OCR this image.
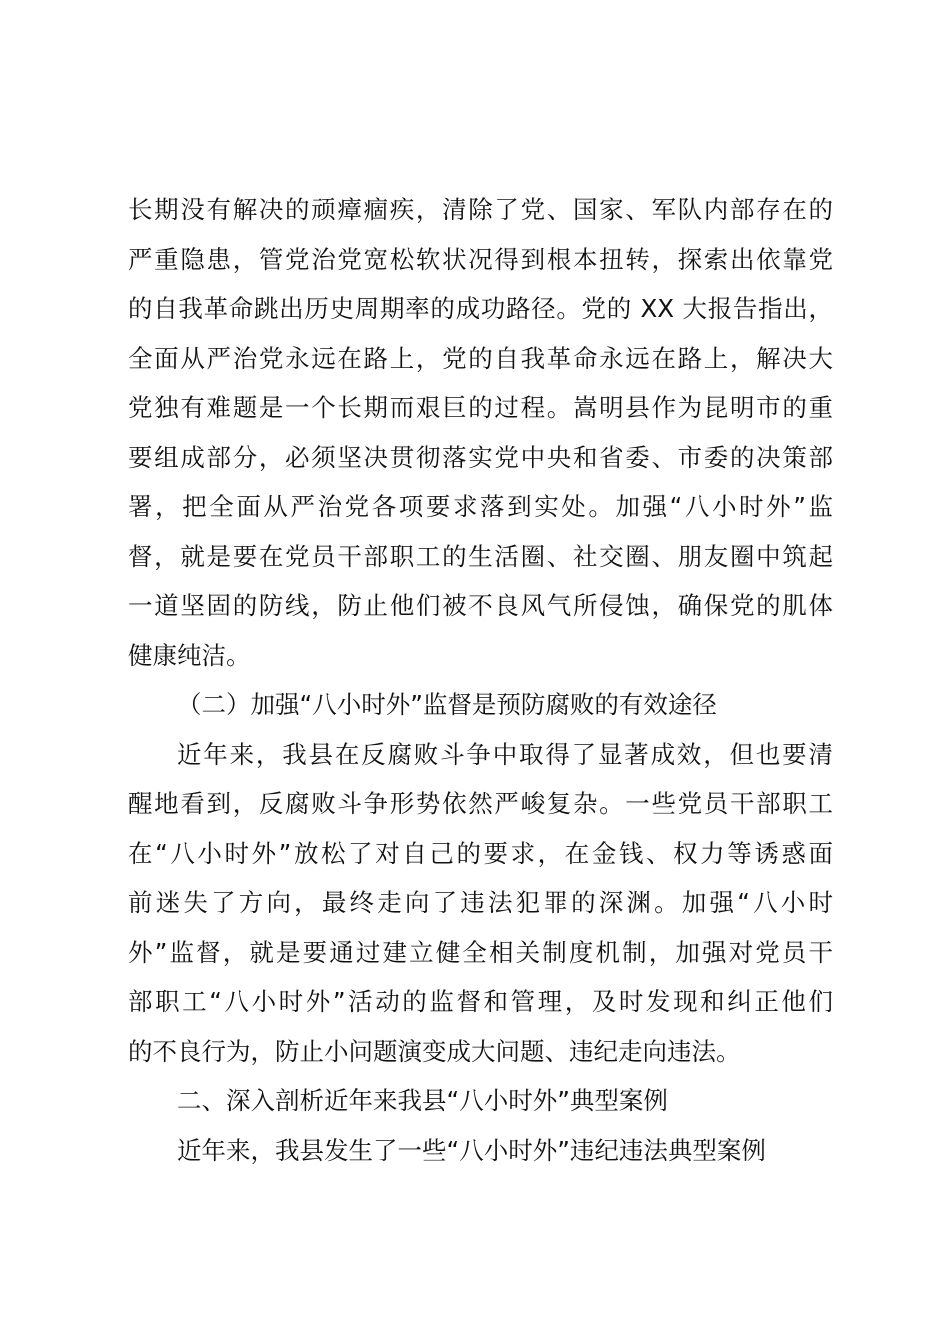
长期没有解决的顽瘴痼疾，清除了党、国家、军队内部存在的
严重隐患，管党治党宽松软状况得到根本扭转，探索出依靠党
的自我革命跳出历史周期率的成功路径。党的 XX 大报告指出，
全面从严治党永远在路上，党的自我革命永远在路上，解决大
党独有难题是一个长期而艰巨的过程。嵩明县作为昆明市的重
要组成部分，必须坚决贯彻落实党中央和省委、市委的决策部
署，把全面从严治党各项要求落到实处。加强“八小时外”监
督，就是要在党员干部职工的生活圈、社交圈、朋友圈中筑起
一道坚固的防线，防止他们被不良风气所侵蚀，确保党的肌体
健康纯洁。
（二）加强“八小时外”监督是预防腐败的有效途径
近年来，我县在反腐败斗争中取得了显著成效，但也要清
醒地看到，反腐败斗争形势依然严峻复杂。一些党员干部职工
在“八小时外”放松了对自己的要求，在金钱、权力等诱惑面
前迷失了方向，最终走向了违法犯罪的深渊。加强“八小时
外”监督，就是要通过建立健全相关制度机制，加强对党员干
部职工“八小时外”活动的监督和管理，及时发现和纠正他们
的不良行为，防止小问题演变成大问题、违纪走向违法。
二、深入剖析近年来我县“八小时外”典型案例
近年来，我县发生了一些“八小时外”违纪违法典型案例
